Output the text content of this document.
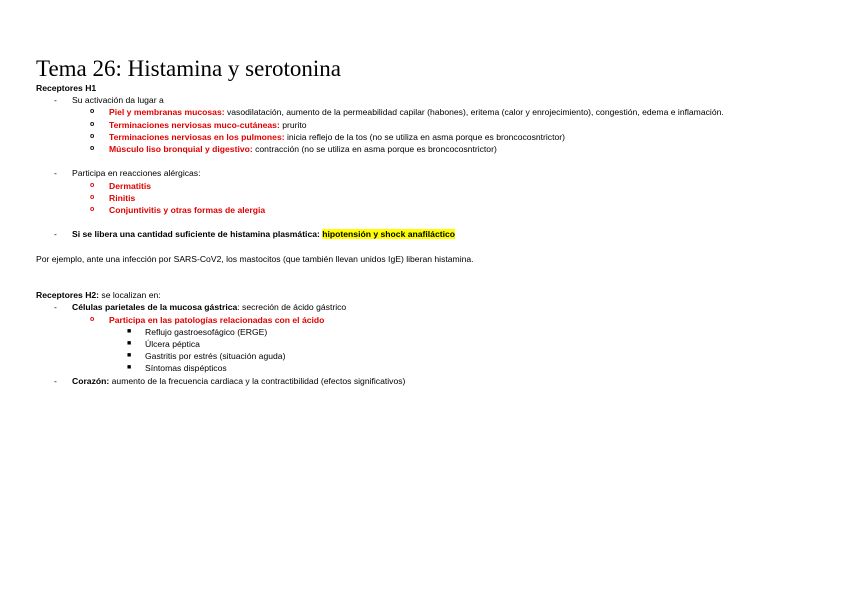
Tema 26: Histamina y serotonina
Receptores H1
- Su activación da lugar a
o Piel y membranas mucosas: vasodilatación, aumento de la permeabilidad capilar (habones), eritema (calor y enrojecimiento), congestión, edema e inflamación.
o Terminaciones nerviosas muco-cutáneas: prurito
o Terminaciones nerviosas en los pulmones: inicia reflejo de la tos (no se utiliza en asma porque es broncocosntrictor)
o Músculo liso bronquial y digestivo: contracción (no se utiliza en asma porque es broncocosntrictor)
- Participa en reacciones alérgicas:
o Dermatitis
o Rinitis
o Conjuntivitis y otras formas de alergia
- Si se libera una cantidad suficiente de histamina plasmática: hipotensión y shock anafiláctico
Por ejemplo, ante una infección por SARS-CoV2, los mastocitos (que también llevan unidos IgE) liberan histamina.
Receptores H2: se localizan en:
- Células parietales de la mucosa gástrica: secreción de ácido gástrico
o Participa en las patologías relacionadas con el ácido
■ Reflujo gastroesofágico (ERGE)
■ Úlcera péptica
■ Gastritis por estrés (situación aguda)
■ Síntomas dispépticos
- Corazón: aumento de la frecuencia cardiaca y la contractibilidad (efectos significativos)
